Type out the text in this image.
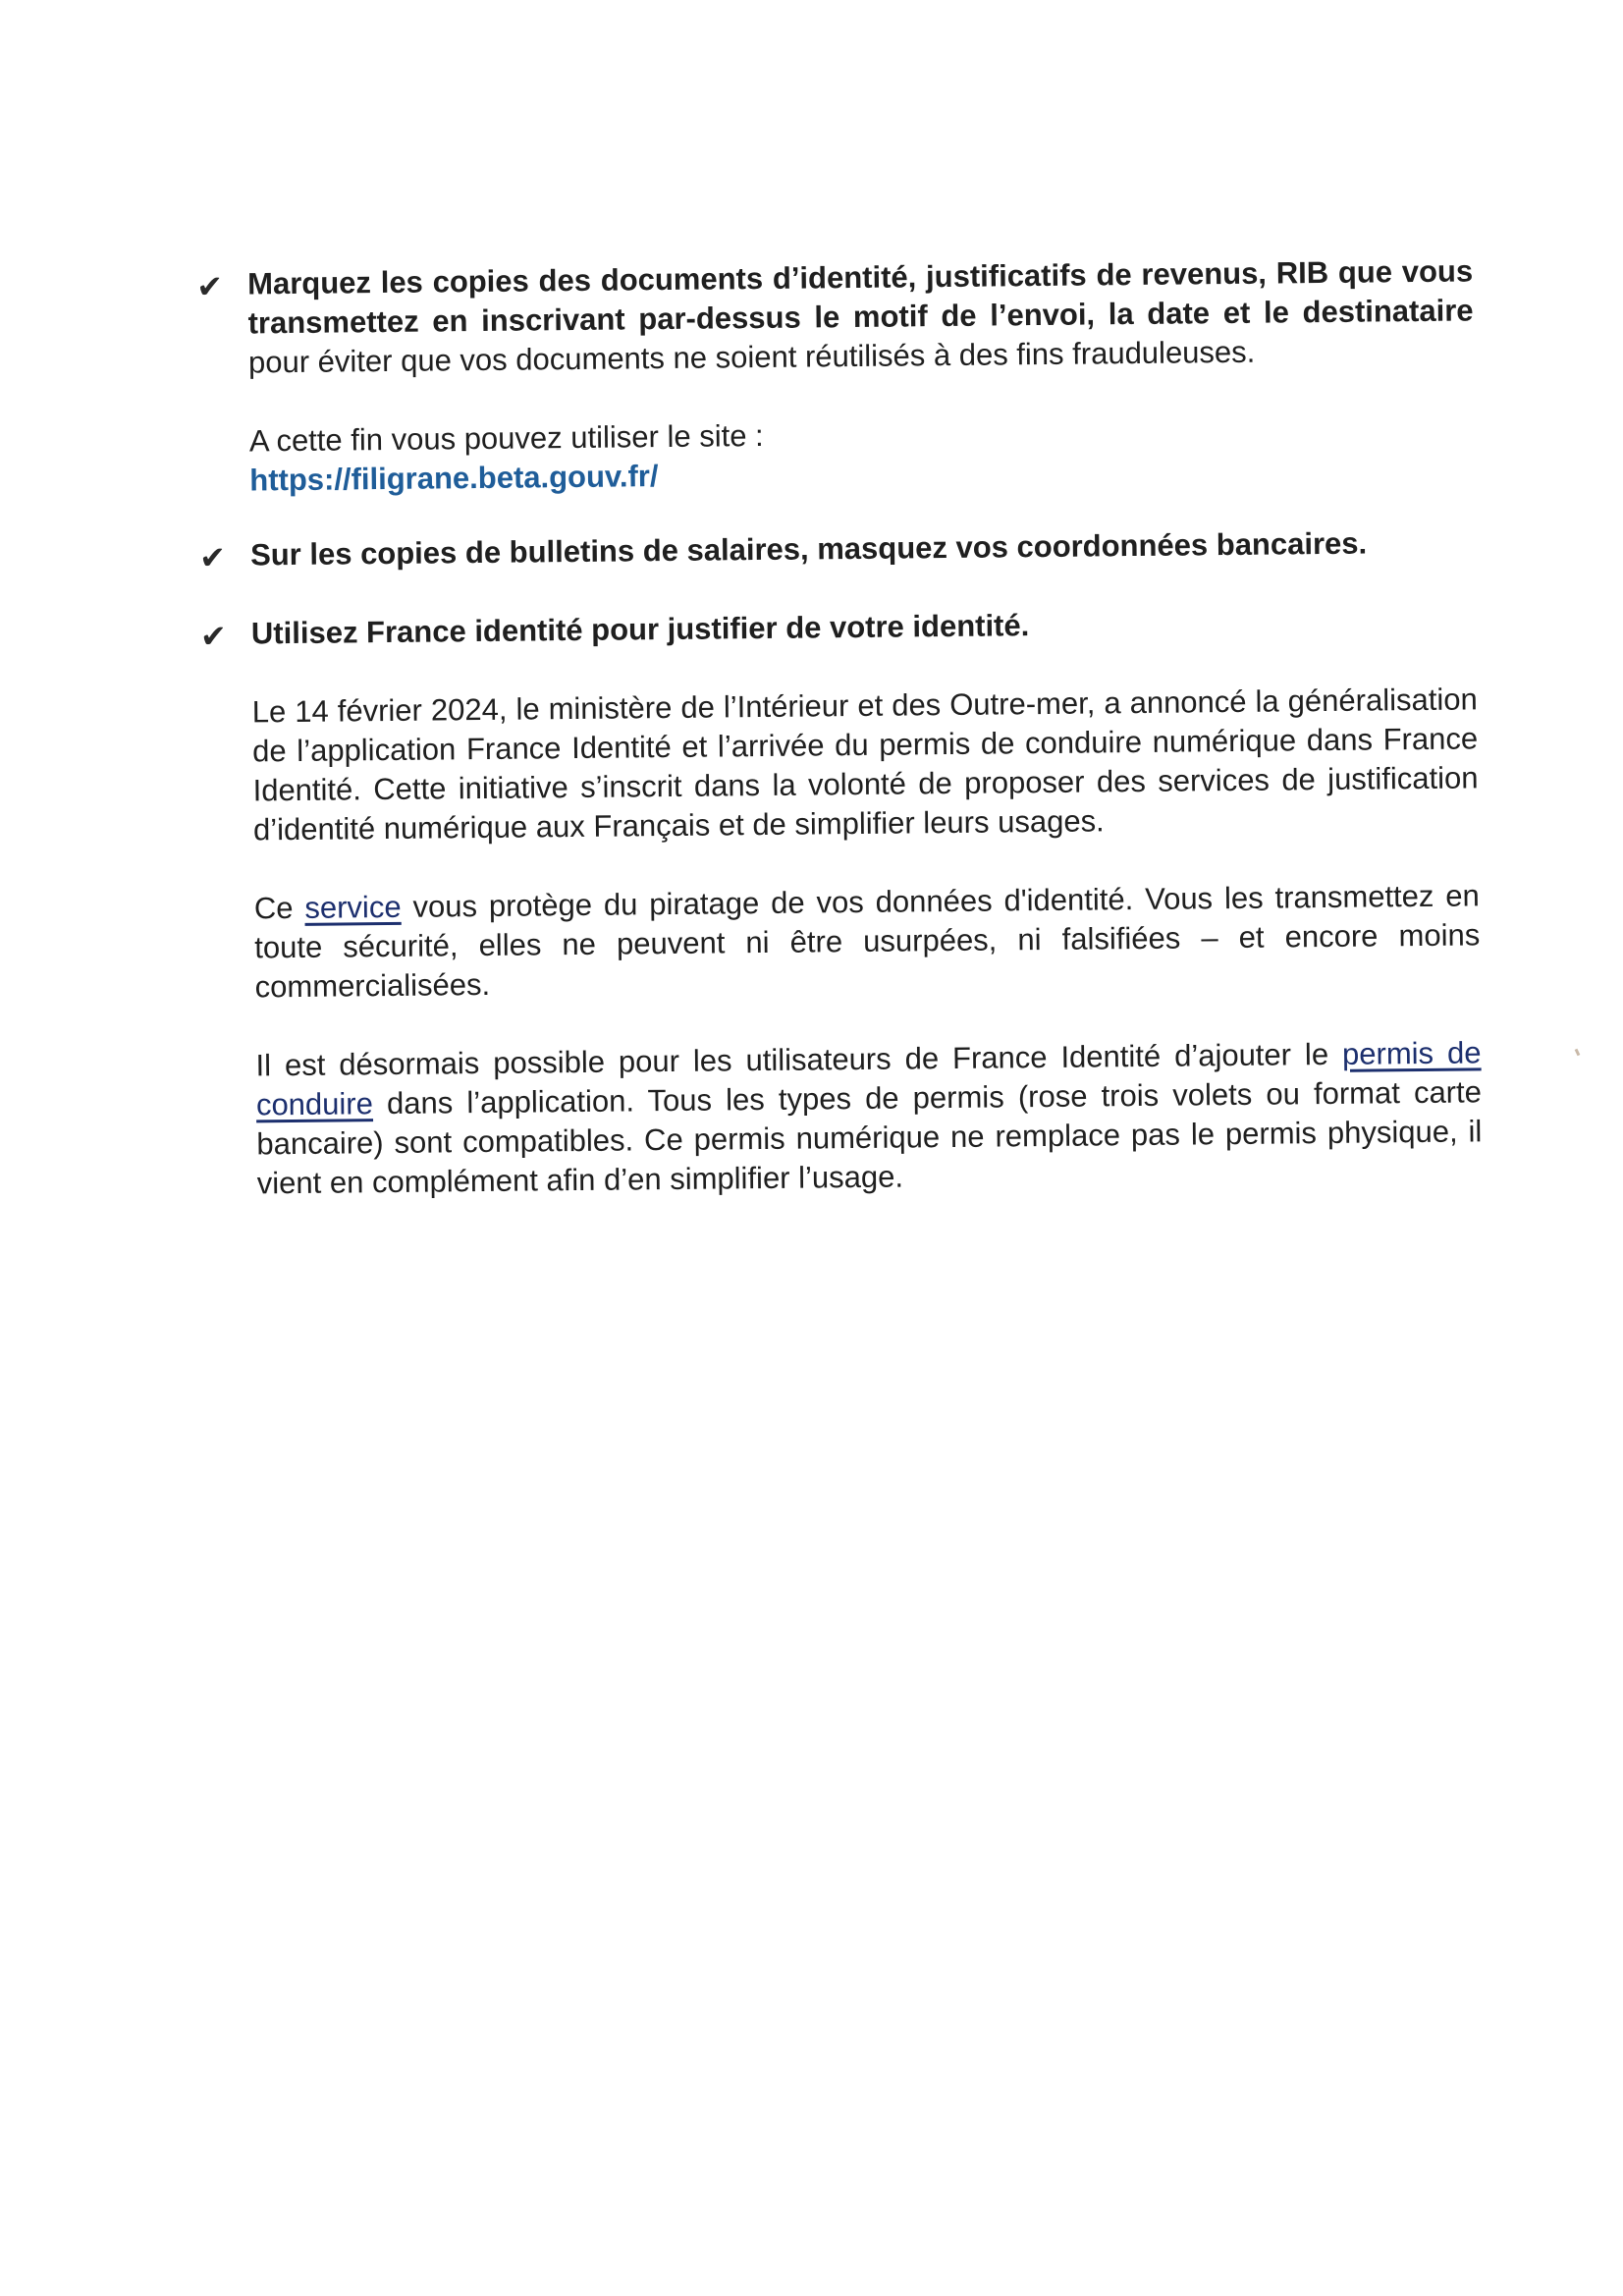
✔ Marquez les copies des documents d’identité, justificatifs de revenus, RIB que vous transmettez en inscrivant par-dessus le motif de l’envoi, la date et le destinataire pour éviter que vos documents ne soient réutilisés à des fins frauduleuses.
A cette fin vous pouvez utiliser le site :
https://filigrane.beta.gouv.fr/
✔ Sur les copies de bulletins de salaires, masquez vos coordonnées bancaires.
✔ Utilisez France identité pour justifier de votre identité.
Le 14 février 2024, le ministère de l’Intérieur et des Outre-mer, a annoncé la généralisation de l’application France Identité et l’arrivée du permis de conduire numérique dans France Identité. Cette initiative s’inscrit dans la volonté de proposer des services de justification d’identité numérique aux Français et de simplifier leurs usages.
Ce service vous protège du piratage de vos données d'identité. Vous les transmettez en toute sécurité, elles ne peuvent ni être usurpées, ni falsifiées – et encore moins commercialisées.
Il est désormais possible pour les utilisateurs de France Identité d’ajouter le permis de conduire dans l’application. Tous les types de permis (rose trois volets ou format carte bancaire) sont compatibles. Ce permis numérique ne remplace pas le permis physique, il vient en complément afin d’en simplifier l’usage.
